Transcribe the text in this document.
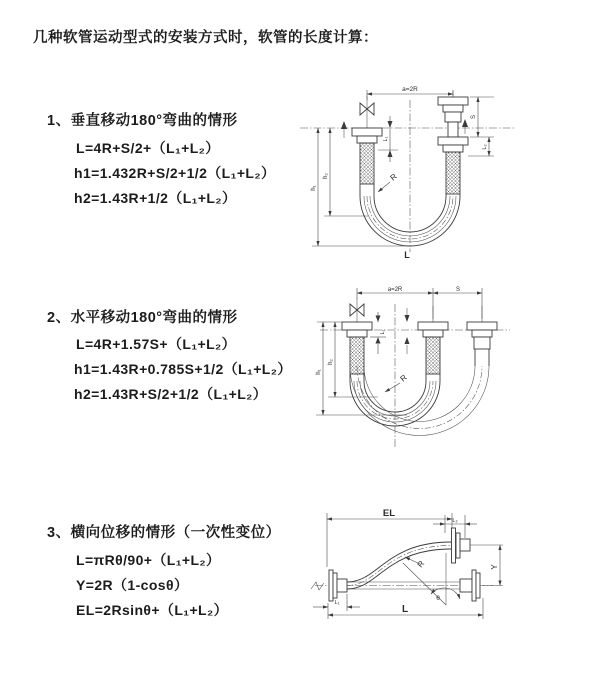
几种软管运动型式的安装方式时，软管的长度计算：
1、垂直移动180°弯曲的情形
L=4R+S/2+（L₁+L₂）
h1=1.432R+S/2+1/2（L₁+L₂）
h2=1.43R+1/2（L₁+L₂）
a=2R
h₁
h₂
L₁
S
L₂
R
L
2、水平移动180°弯曲的情形
L=4R+1.57S+（L₁+L₂）
h1=1.43R+0.785S+1/2（L₁+L₂）
h2=1.43R+S/2+1/2（L₁+L₂）
a=2R	S
L₁
h₁
h₂
R
3、横向位移的情形（一次性变位）
L=πRθ/90+（L₁+L₂）
Y=2R（1-cosθ）
EL=2Rsinθ+（L₁+L₂）
EL
L₂
θ
R	Y
L₁
L
